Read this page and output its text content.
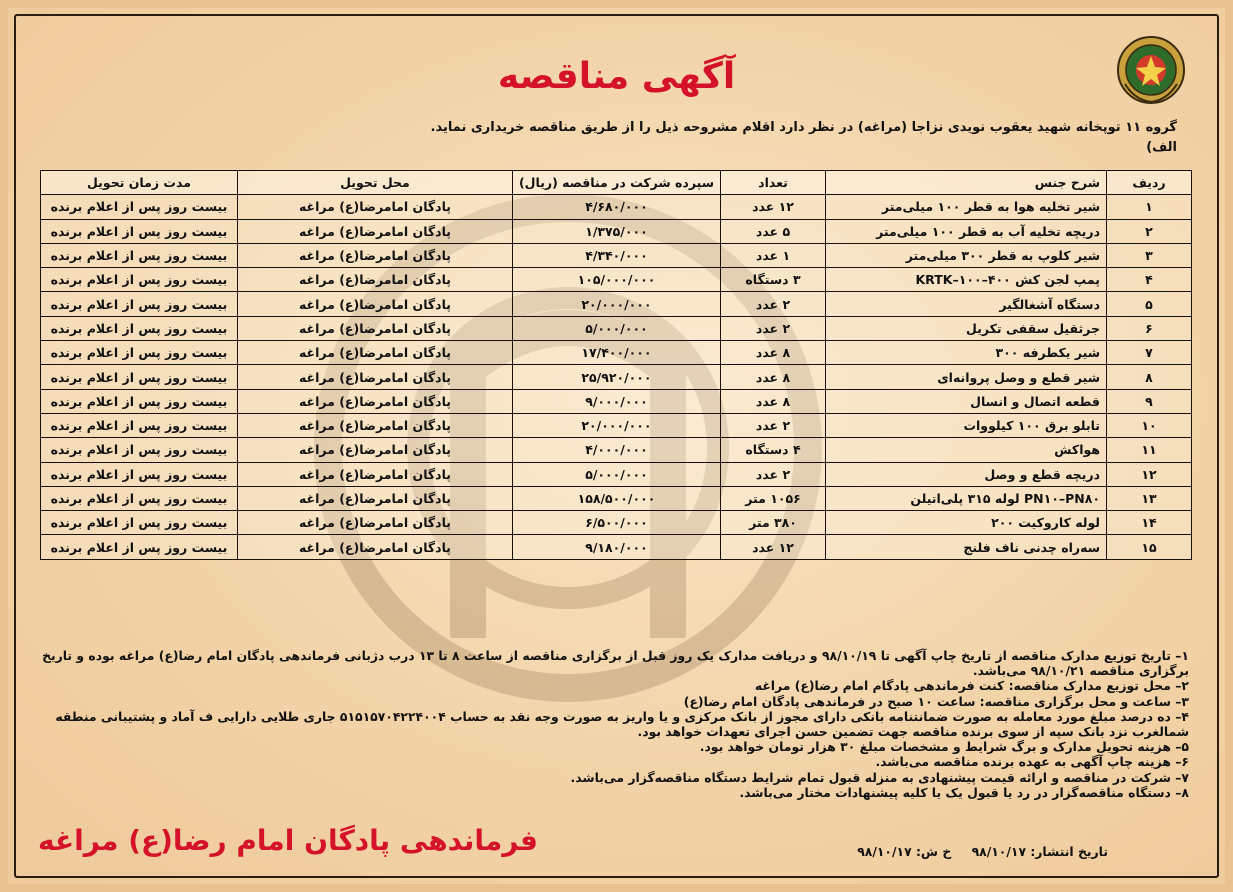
آگهی مناقصه
گروه ۱۱ توپخانه شهید یعقوب نویدی نزاجا (مراغه) در نظر دارد اقلام مشروحه ذیل را از طریق مناقصه خریداری نماید.
الف)
ردیف	شرح جنس	تعداد	سپرده شرکت در مناقصه (ریال)	محل تحویل	مدت زمان تحویل
۱	شیر تخلیه هوا به قطر ۱۰۰ میلی‌متر	۱۲ عدد	۴/۶۸۰/۰۰۰	پادگان امامرضا(ع) مراغه	بیست روز پس از اعلام برنده
۲	دریچه تخلیه آب به قطر ۱۰۰ میلی‌متر	۵ عدد	۱/۳۷۵/۰۰۰	پادگان امامرضا(ع) مراغه	بیست روز پس از اعلام برنده
۳	شیر کلوپ به قطر ۳۰۰ میلی‌متر	۱ عدد	۴/۳۴۰/۰۰۰	پادگان امامرضا(ع) مراغه	بیست روز پس از اعلام برنده
۴	پمپ لجن کش ۴۰۰–۱۰۰–KRTK	۳ دستگاه	۱۰۵/۰۰۰/۰۰۰	پادگان امامرضا(ع) مراغه	بیست روز پس از اعلام برنده
۵	دستگاه آشغالگیر	۲ عدد	۲۰/۰۰۰/۰۰۰	پادگان امامرضا(ع) مراغه	بیست روز پس از اعلام برنده
۶	جرثقیل سقفی تکریل	۲ عدد	۵/۰۰۰/۰۰۰	پادگان امامرضا(ع) مراغه	بیست روز پس از اعلام برنده
۷	شیر یکطرفه ۳۰۰	۸ عدد	۱۷/۴۰۰/۰۰۰	پادگان امامرضا(ع) مراغه	بیست روز پس از اعلام برنده
۸	شیر قطع و وصل پروانه‌ای	۸ عدد	۲۵/۹۲۰/۰۰۰	پادگان امامرضا(ع) مراغه	بیست روز پس از اعلام برنده
۹	قطعه اتصال و انسال	۸ عدد	۹/۰۰۰/۰۰۰	پادگان امامرضا(ع) مراغه	بیست روز پس از اعلام برنده
۱۰	تابلو برق ۱۰۰ کیلووات	۲ عدد	۲۰/۰۰۰/۰۰۰	پادگان امامرضا(ع) مراغه	بیست روز پس از اعلام برنده
۱۱	هواکش	۴ دستگاه	۴/۰۰۰/۰۰۰	پادگان امامرضا(ع) مراغه	بیست روز پس از اعلام برنده
۱۲	دریچه قطع و وصل	۲ عدد	۵/۰۰۰/۰۰۰	پادگان امامرضا(ع) مراغه	بیست روز پس از اعلام برنده
۱۳	PN۱۰–PN۸۰ لوله ۳۱۵ پلی‌اتیلن	۱۰۵۶ متر	۱۵۸/۵۰۰/۰۰۰	پادگان امامرضا(ع) مراغه	بیست روز پس از اعلام برنده
۱۴	لوله کاروکیت ۲۰۰	۳۸۰ متر	۶/۵۰۰/۰۰۰	پادگان امامرضا(ع) مراغه	بیست روز پس از اعلام برنده
۱۵	سه‌راه چدنی ناف فلنج	۱۲ عدد	۹/۱۸۰/۰۰۰	پادگان امامرضا(ع) مراغه	بیست روز پس از اعلام برنده

۱– تاریخ توزیع مدارک مناقصه از تاریخ چاپ آگهی تا ۹۸/۱۰/۱۹ و دریافت مدارک یک روز قبل از برگزاری مناقصه از ساعت ۸ تا ۱۳ درب دژبانی فرماندهی پادگان امام رضا(ع) مراغه بوده و تاریخ برگزاری مناقصه ۹۸/۱۰/۲۱ می‌باشد.

۲– محل توزیع مدارک مناقصه: کنت فرماندهی پادگام امام رضا(ع) مراغه

۳– ساعت و محل برگزاری مناقصه: ساعت ۱۰ صبح در فرماندهی پادگان امام رضا(ع)

۴– ده درصد مبلغ مورد معامله به صورت ضمانتنامه بانکی دارای مجوز از بانک مرکزی و یا واریز به صورت وجه نقد به حساب ۵۱۵۱۵۷۰۴۲۲۴۰۰۴ جاری طلایی دارایی ف آماد و پشتیبانی منطقه شمالغرب نزد بانک سپه از سوی برنده مناقصه جهت تضمین حسن اجرای تعهدات خواهد بود.

۵– هزینه تحویل مدارک و برگ شرایط و مشخصات مبلغ ۳۰ هزار تومان خواهد بود.

۶– هزینه چاپ آگهی به عهده برنده مناقصه می‌باشد.

۷– شرکت در مناقصه و ارائه قیمت پیشنهادی به منزله قبول تمام شرایط دستگاه مناقصه‌گزار می‌باشد.

۸– دستگاه مناقصه‌گزار در رد یا قبول یک یا کلیه پیشنهادات مختار می‌باشد.

تاریخ انتشار: ۹۸/۱۰/۱۷ خ ش: ۹۸/۱۰/۱۷
فرماندهی پادگان امام رضا(ع) مراغه
